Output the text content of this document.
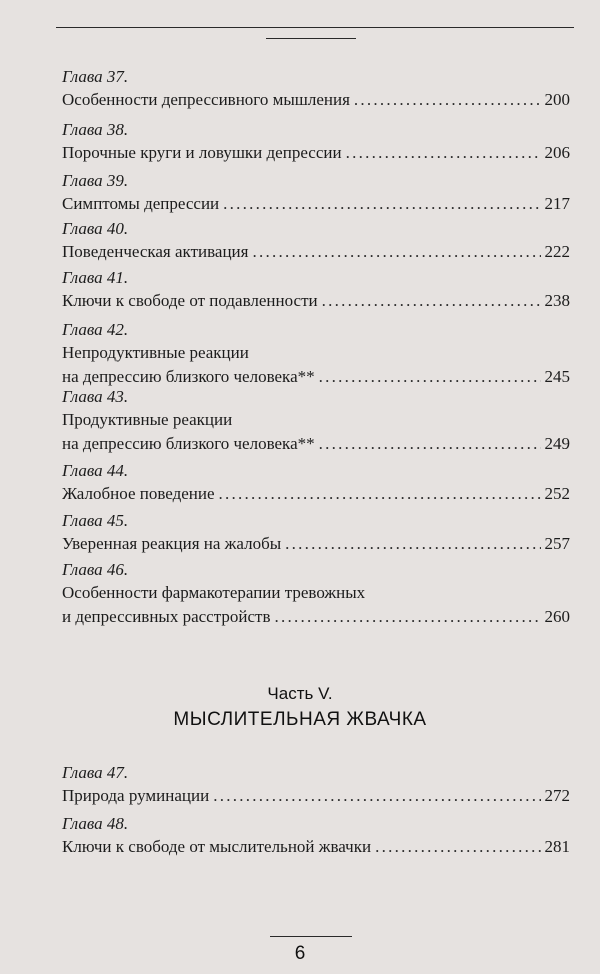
Глава 37.
Особенности депрессивного мышления . . .	200
Глава 38.
Порочные круги и ловушки депрессии . . .	206
Глава 39.
Симптомы депрессии . . .	217
Глава 40.
Поведенческая активация . . .	222
Глава 41.
Ключи к свободе от подавленности . . .	238
Глава 42.
Непродуктивные реакции
на депрессию близкого человека** . . .	245
Глава 43.
Продуктивные реакции
на депрессию близкого человека** . . .	249
Глава 44.
Жалобное поведение . . .	252
Глава 45.
Уверенная реакция на жалобы . . .	257
Глава 46.
Особенности фармакотерапии тревожных
и депрессивных расстройств . . .	260
Глава 47.
Природа руминации . . .	272
Глава 48.
Ключи к свободе от мыслительной жвачки . . .	281
Часть V.
МЫСЛИТЕЛЬНАЯ ЖВАЧКА
6
